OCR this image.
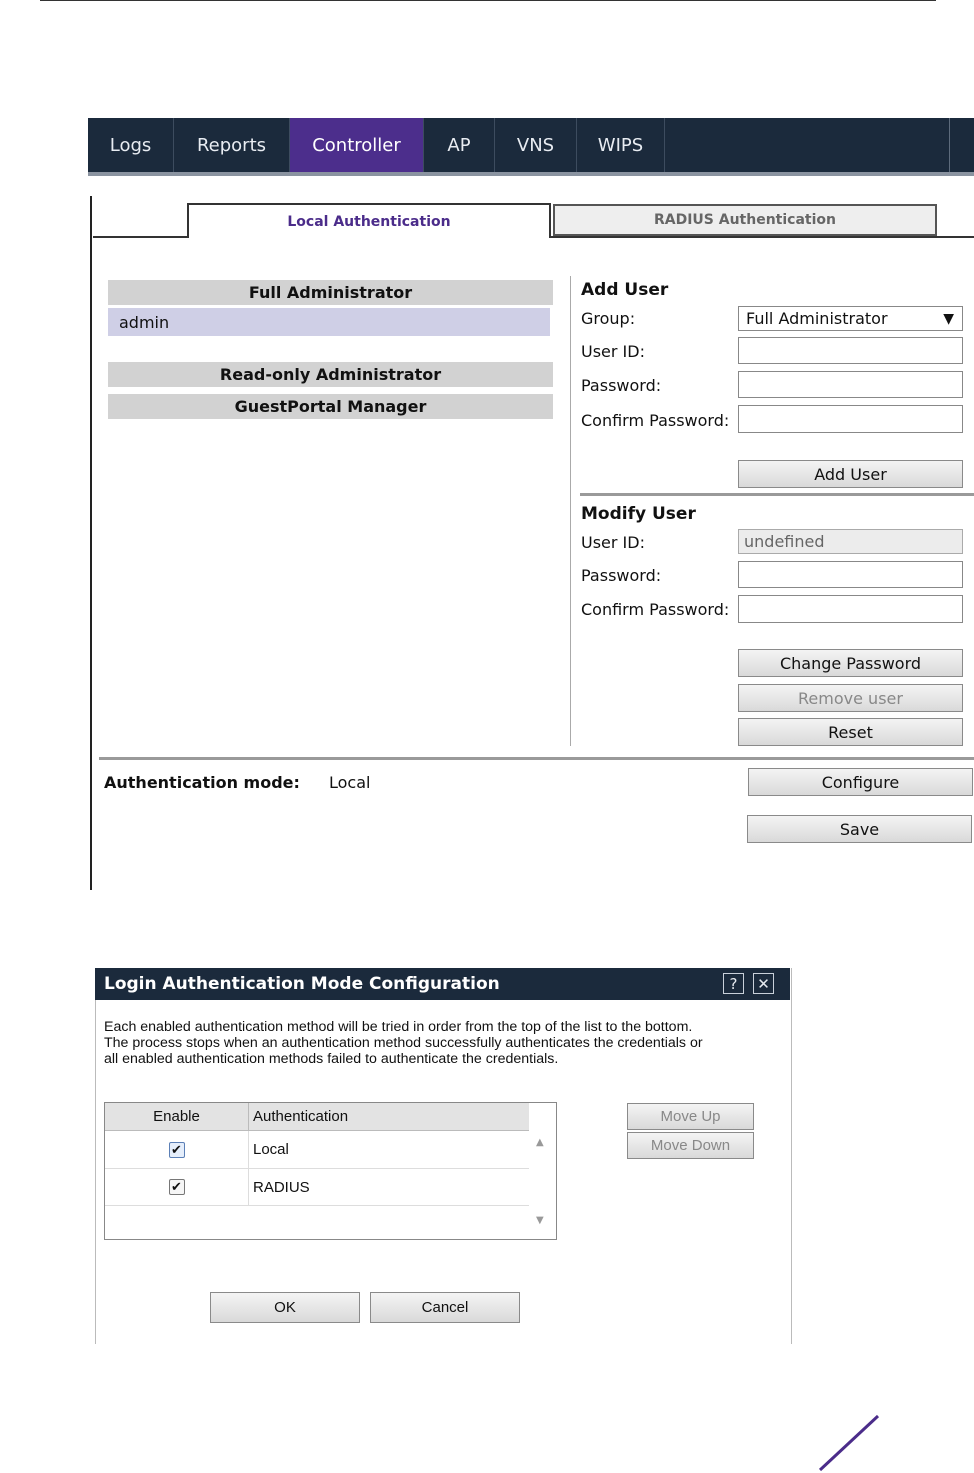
Logs	Reports	Controller	AP	VNS	WIPS
Local Authentication	RADIUS Authentication
Full Administrator
admin
Read-only Administrator
GuestPortal Manager
Add User
Group:	Full Administrator	▼
User ID:
Password:
Confirm Password:
Add User
Modify User
User ID:	undefined
Password:
Confirm Password:
Change Password
Remove user
Reset
Authentication mode: Local	Configure
Save
Login Authentication Mode Configuration	?	✕
Each enabled authentication method will be tried in order from the top of the list to the bottom.
The process stops when an authentication method successfully authenticates the credentials or
all enabled authentication methods failed to authenticate the credentials.
Enable	Authentication
✔	Local
✔	RADIUS
▲
▼
Move Up
Move Down
OK	Cancel
